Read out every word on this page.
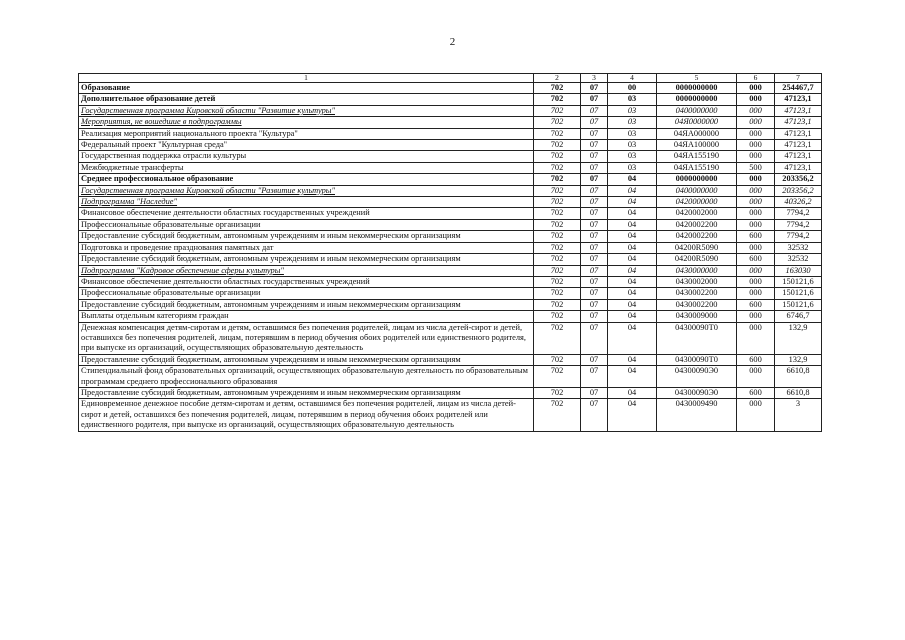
2
1	2	3	4	5	6	7
Образование	702	07	00	0000000000	000	254467,7
Дополнительное образование детей	702	07	03	0000000000	000	47123,1
Государственная программа Кировской области "Развитие культуры"	702	07	03	0400000000	000	47123,1
Мероприятия, не вошедшие в подпрограммы	702	07	03	04Я0000000	000	47123,1
Реализация мероприятий национального проекта "Культура"	702	07	03	04ЯА000000	000	47123,1
Федеральный проект "Культурная среда"	702	07	03	04ЯА100000	000	47123,1
Государственная поддержка отрасли культуры	702	07	03	04ЯА155190	000	47123,1
Межбюджетные трансферты	702	07	03	04ЯА155190	500	47123,1
Среднее профессиональное образование	702	07	04	0000000000	000	203356,2
Государственная программа Кировской области "Развитие культуры"	702	07	04	0400000000	000	203356,2
Подпрограмма "Наследие"	702	07	04	0420000000	000	40326,2
Финансовое обеспечение деятельности областных государственных учреждений	702	07	04	0420002000	000	7794,2
Профессиональные образовательные организации	702	07	04	0420002200	000	7794,2
Предоставление субсидий бюджетным, автономным учреждениям и иным некоммерческим организациям	702	07	04	0420002200	600	7794,2
Подготовка и проведение празднования памятных дат	702	07	04	04200R5090	000	32532
Предоставление субсидий бюджетным, автономным учреждениям и иным некоммерческим организациям	702	07	04	04200R5090	600	32532
Подпрограмма "Кадровое обеспечение сферы культуры"	702	07	04	0430000000	000	163030
Финансовое обеспечение деятельности областных государственных учреждений	702	07	04	0430002000	000	150121,6
Профессиональные образовательные организации	702	07	04	0430002200	000	150121,6
Предоставление субсидий бюджетным, автономным учреждениям и иным некоммерческим организациям	702	07	04	0430002200	600	150121,6
Выплаты отдельным категориям граждан	702	07	04	0430009000	000	6746,7
Денежная компенсация детям-сиротам и детям, оставшимся без попечения родителей, лицам из числа детей-сирот и детей, оставшихся без попечения родителей, лицам, потерявшим в период обучения обоих родителей или единственного родителя, при выпуске из организаций, осуществляющих образовательную деятельность	702	07	04	04300090Т0	000	132,9
Предоставление субсидий бюджетным, автономным учреждениям и иным некоммерческим организациям	702	07	04	04300090Т0	600	132,9
Стипендиальный фонд образовательных организаций, осуществляющих образовательную деятельность по образовательным программам среднего профессионального образования	702	07	04	04300090Э0	000	6610,8
Предоставление субсидий бюджетным, автономным учреждениям и иным некоммерческим организациям	702	07	04	04300090Э0	600	6610,8
Единовременное денежное пособие детям-сиротам и детям, оставшимся без попечения родителей, лицам из числа детей-сирот и детей, оставшихся без попечения родителей, лицам, потерявшим в период обучения обоих родителей или единственного родителя, при выпуске из организаций, осуществляющих образовательную деятельность	702	07	04	0430009490	000	3
